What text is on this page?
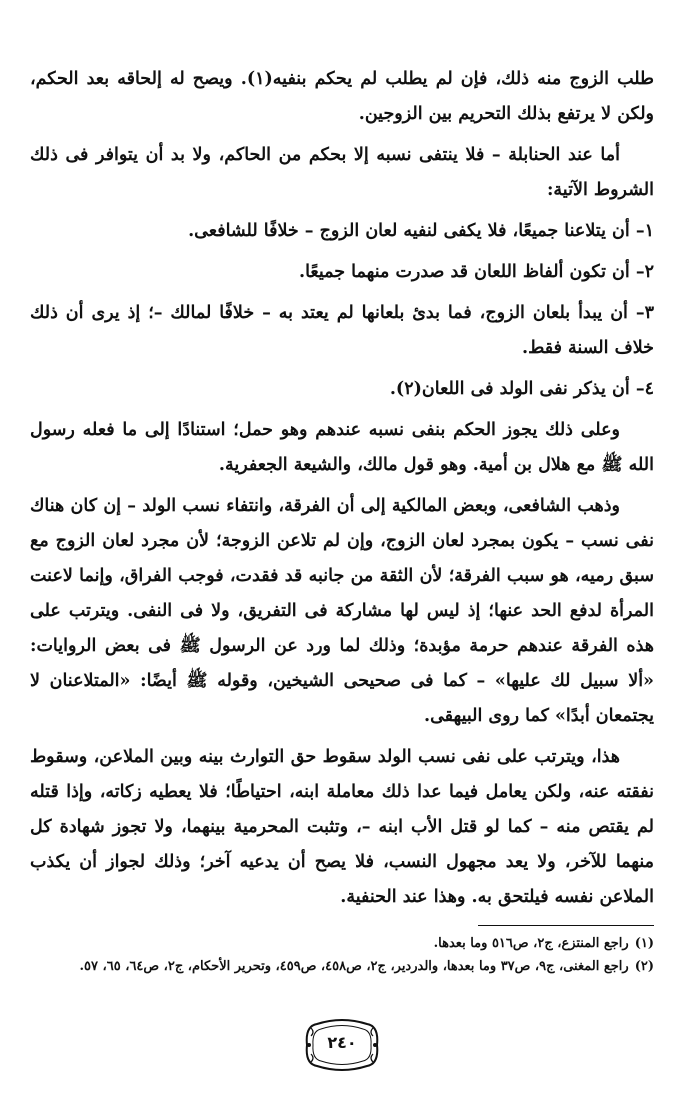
طلب الزوج منه ذلك، فإن لم يطلب لم يحكم بنفيه(١). ويصح له إلحاقه بعد الحكم، ولكن لا يرتفع بذلك التحريم بين الزوجين.

أما عند الحنابلة – فلا ينتفى نسبه إلا بحكم من الحاكم، ولا بد أن يتوافر فى ذلك الشروط الآتية:

١– أن يتلاعنا جميعًا، فلا يكفى لنفيه لعان الزوج – خلافًا للشافعى.

٢– أن تكون ألفاظ اللعان قد صدرت منهما جميعًا.

٣– أن يبدأ بلعان الزوج، فما بدئ بلعانها لم يعتد به – خلافًا لمالك –؛ إذ يرى أن ذلك خلاف السنة فقط.

٤– أن يذكر نفى الولد فى اللعان(٢).

وعلى ذلك يجوز الحكم بنفى نسبه عندهم وهو حمل؛ استنادًا إلى ما فعله رسول الله ﷺ مع هلال بن أمية. وهو قول مالك، والشيعة الجعفرية.

وذهب الشافعى، وبعض المالكية إلى أن الفرقة، وانتفاء نسب الولد – إن كان هناك نفى نسب – يكون بمجرد لعان الزوج، وإن لم تلاعن الزوجة؛ لأن مجرد لعان الزوج مع سبق رميه، هو سبب الفرقة؛ لأن الثقة من جانبه قد فقدت، فوجب الفراق، وإنما لاعنت المرأة لدفع الحد عنها؛ إذ ليس لها مشاركة فى التفريق، ولا فى النفى. ويترتب على هذه الفرقة عندهم حرمة مؤبدة؛ وذلك لما ورد عن الرسول ﷺ فى بعض الروايات: «ألا سبيل لك عليها» – كما فى صحيحى الشيخين، وقوله ﷺ أيضًا: «المتلاعنان لا يجتمعان أبدًا» كما روى البيهقى.

هذا، ويترتب على نفى نسب الولد سقوط حق التوارث بينه وبين الملاعن، وسقوط نفقته عنه، ولكن يعامل فيما عدا ذلك معاملة ابنه، احتياطًا؛ فلا يعطيه زكاته، وإذا قتله لم يقتص منه – كما لو قتل الأب ابنه –، وتثبت المحرمية بينهما، ولا تجوز شهادة كل منهما للآخر، ولا يعد مجهول النسب، فلا يصح أن يدعيه آخر؛ وذلك لجواز أن يكذب الملاعن نفسه فيلتحق به. وهذا عند الحنفية.

(١)راجع المنتزع، ج٢، ص٥١٦ وما بعدها.

(٢)راجع المغنى، ج٩، ص٣٧ وما بعدها، والدردير، ج٢، ص٤٥٨، ص٤٥٩، وتحرير الأحكام، ج٢، ص٦٤، ٦٥، ٥٧.

٢٤٠
